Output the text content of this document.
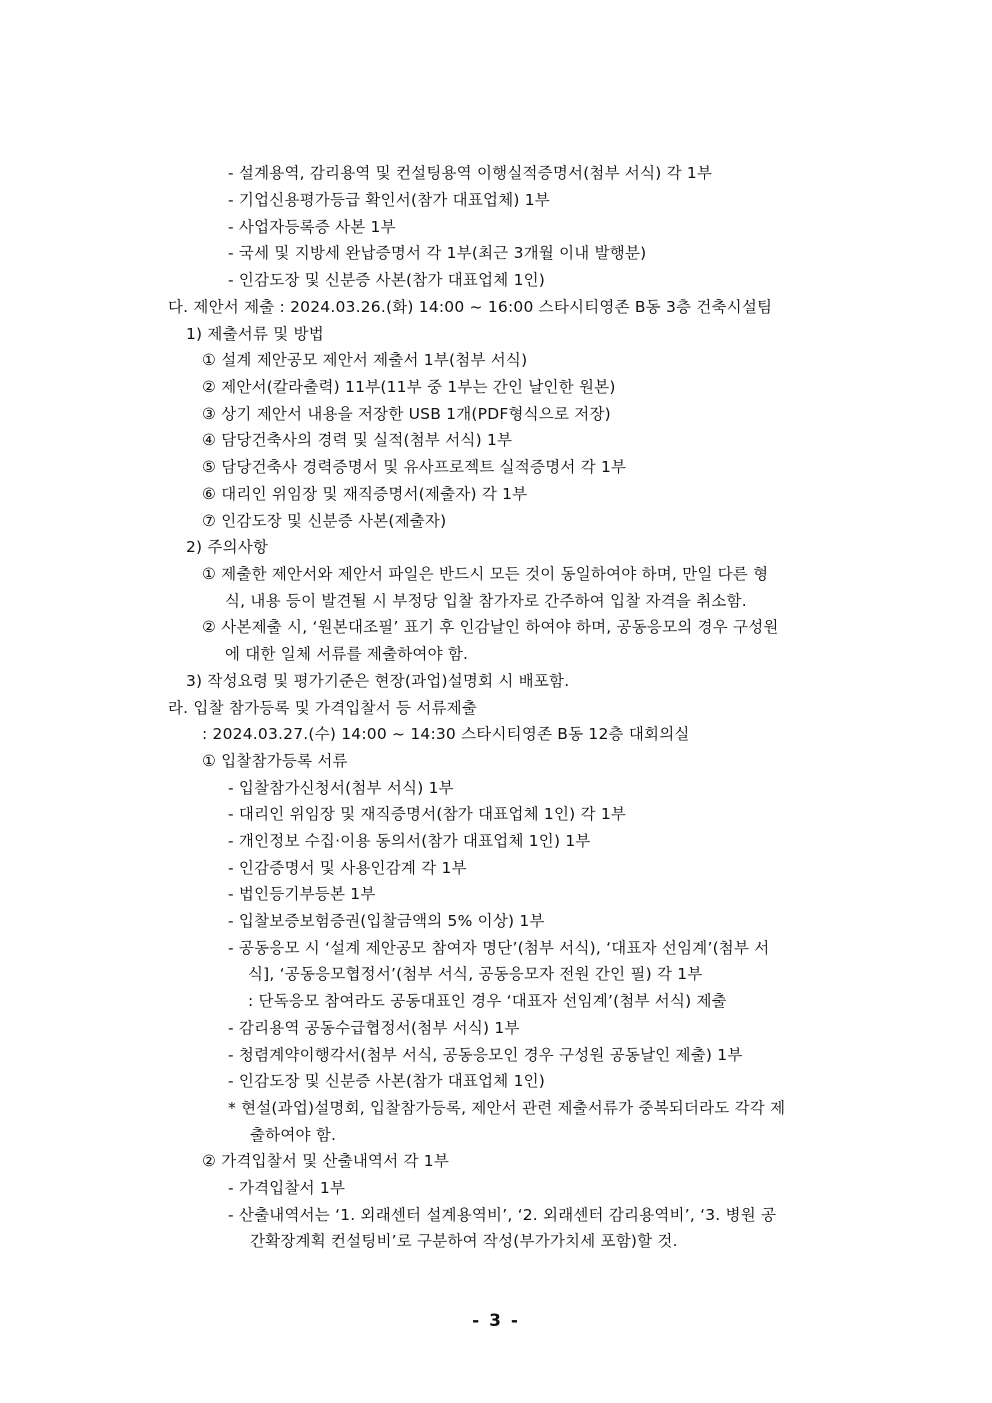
- 설계용역, 감리용역 및 컨설팅용역 이행실적증명서(첨부 서식) 각 1부
- 기업신용평가등급 확인서(참가 대표업체) 1부
- 사업자등록증 사본 1부
- 국세 및 지방세 완납증명서 각 1부(최근 3개월 이내 발행분)
- 인감도장 및 신분증 사본(참가 대표업체 1인)
다. 제안서 제출 : 2024.03.26.(화) 14:00 ~ 16:00 스타시티영존 B동 3층 건축시설팀
1) 제출서류 및 방법
① 설계 제안공모 제안서 제출서 1부(첨부 서식)
② 제안서(칼라출력) 11부(11부 중 1부는 간인 날인한 원본)
③ 상기 제안서 내용을 저장한 USB 1개(PDF형식으로 저장)
④ 담당건축사의 경력 및 실적(첨부 서식) 1부
⑤ 담당건축사 경력증명서 및 유사프로젝트 실적증명서 각 1부
⑥ 대리인 위임장 및 재직증명서(제출자) 각 1부
⑦ 인감도장 및 신분증 사본(제출자)
2) 주의사항
① 제출한 제안서와 제안서 파일은 반드시 모든 것이 동일하여야 하며, 만일 다른 형
식, 내용 등이 발견될 시 부정당 입찰 참가자로 간주하여 입찰 자격을 취소함.
② 사본제출 시, ‘원본대조필’ 표기 후 인감날인 하여야 하며, 공동응모의 경우 구성원
에 대한 일체 서류를 제출하여야 함.
3) 작성요령 및 평가기준은 현장(과업)설명회 시 배포함.
라. 입찰 참가등록 및 가격입찰서 등 서류제출
: 2024.03.27.(수) 14:00 ~ 14:30 스타시티영존 B동 12층 대회의실
① 입찰참가등록 서류
- 입찰참가신청서(첨부 서식) 1부
- 대리인 위임장 및 재직증명서(참가 대표업체 1인) 각 1부
- 개인정보 수집·이용 동의서(참가 대표업체 1인) 1부
- 인감증명서 및 사용인감계 각 1부
- 법인등기부등본 1부
- 입찰보증보험증권(입찰금액의 5% 이상) 1부
- 공동응모 시 ‘설계 제안공모 참여자 명단’(첨부 서식), ‘대표자 선임계’(첨부 서
식], ‘공동응모협정서’(첨부 서식, 공동응모자 전원 간인 필) 각 1부
: 단독응모 참여라도 공동대표인 경우 ‘대표자 선임계’(첨부 서식) 제출
- 감리용역 공동수급협정서(첨부 서식) 1부
- 청렴계약이행각서(첨부 서식, 공동응모인 경우 구성원 공동날인 제출) 1부
- 인감도장 및 신분증 사본(참가 대표업체 1인)
* 현설(과업)설명회, 입찰참가등록, 제안서 관련 제출서류가 중복되더라도 각각 제
출하여야 함.
② 가격입찰서 및 산출내역서 각 1부
- 가격입찰서 1부
- 산출내역서는 ‘1. 외래센터 설계용역비’, ‘2. 외래센터 감리용역비’, ‘3. 병원 공
간확장계획 컨설팅비’로 구분하여 작성(부가가치세 포함)할 것.
- 3 -
